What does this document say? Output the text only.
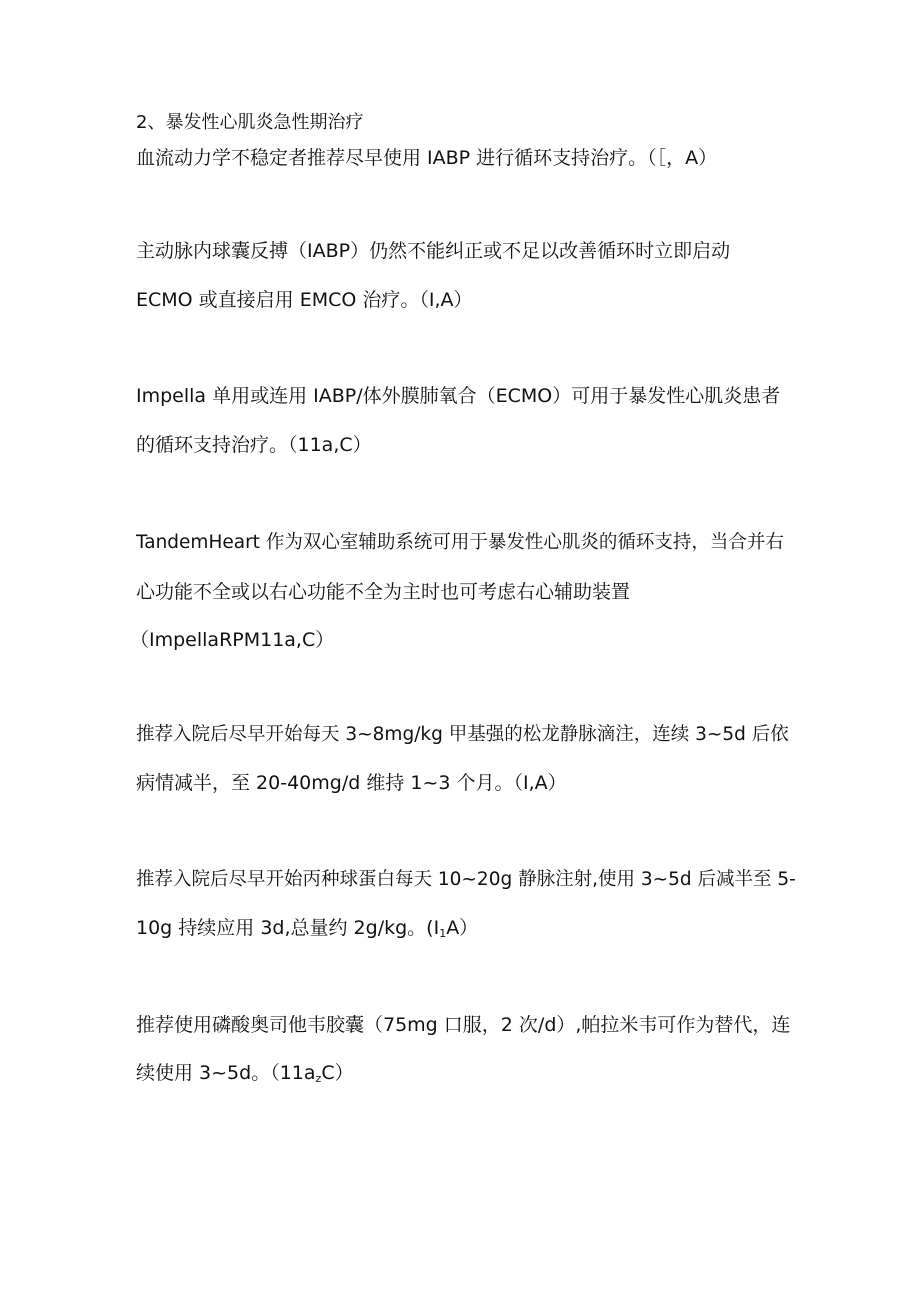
2、暴发性心肌炎急性期治疗
血流动力学不稳定者推荐尽早使用 IABP 进行循环支持治疗。（［，A）
主动脉内球囊反搏（IABP）仍然不能纠正或不足以改善循环时立即启动
ECMO 或直接启用 EMCO 治疗。（I,A）
Impella 单用或连用 IABP/体外膜肺氧合（ECMO）可用于暴发性心肌炎患者
的循环支持治疗。（11a,C）
TandemHeart 作为双心室辅助系统可用于暴发性心肌炎的循环支持，当合并右
心功能不全或以右心功能不全为主时也可考虑右心辅助装置
（ImpellaRPM11a,C）
推荐入院后尽早开始每天 3~8mg/kg 甲基强的松龙静脉滴注，连续 3~5d 后依
病情减半，至 20-40mg/d 维持 1~3 个月。（I,A）
推荐入院后尽早开始丙种球蛋白每天 10~20g 静脉注射,使用 3~5d 后减半至 5-
10g 持续应用 3d,总量约 2g/kg。$(I_1A)$
推荐使用磷酸奥司他韦胶囊（75mg 口服，2 次/d）,帕拉米韦可作为替代，连
续使用 3~5d。$(11a_zC)$
